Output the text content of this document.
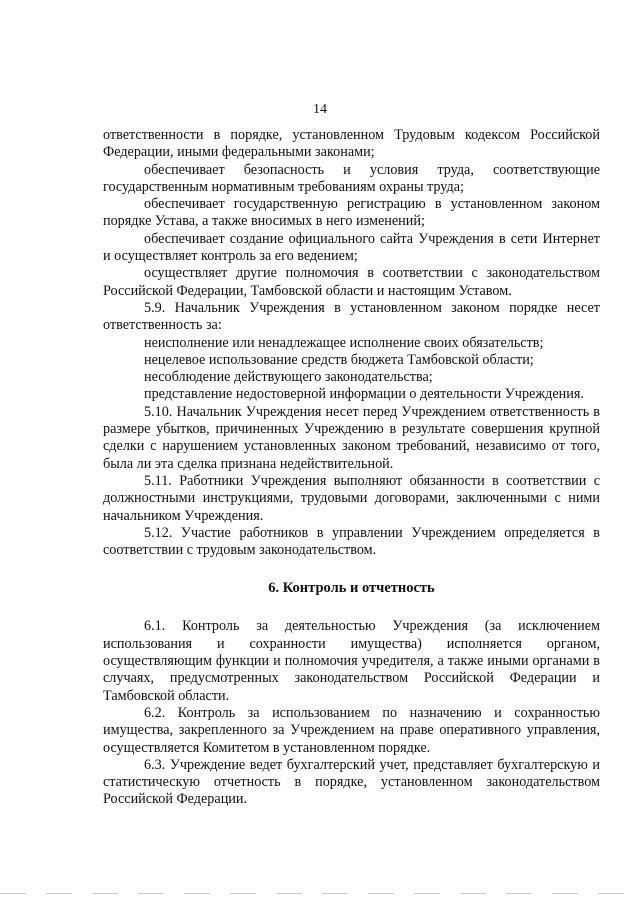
14

ответственности в порядке, установленном Трудовым кодексом Российской Федерации, иными федеральными законами;

обеспечивает безопасность и условия труда, соответствующие государственным нормативным требованиям охраны труда;

обеспечивает государственную регистрацию в установленном законом порядке Устава, а также вносимых в него изменений;

обеспечивает создание официального сайта Учреждения в сети Интернет и осуществляет контроль за его ведением;

осуществляет другие полномочия в соответствии с законодательством Российской Федерации, Тамбовской области и настоящим Уставом.

5.9. Начальник Учреждения в установленном законом порядке несет ответственность за:

неисполнение или ненадлежащее исполнение своих обязательств;

нецелевое использование средств бюджета Тамбовской области;

несоблюдение действующего законодательства;

представление недостоверной информации о деятельности Учреждения.

5.10. Начальник Учреждения несет перед Учреждением ответственность в размере убытков, причиненных Учреждению в результате совершения крупной сделки с нарушением установленных законом требований, независимо от того, была ли эта сделка признана недействительной.

5.11. Работники Учреждения выполняют обязанности в соответствии с должностными инструкциями, трудовыми договорами, заключенными с ними начальником Учреждения.

5.12. Участие работников в управлении Учреждением определяется в соответствии с трудовым законодательством.

6. Контроль и отчетность

6.1. Контроль за деятельностью Учреждения (за исключением использования и сохранности имущества) исполняется органом, осуществляющим функции и полномочия учредителя, а также иными органами в случаях, предусмотренных законодательством Российской Федерации и Тамбовской области.

6.2. Контроль за использованием по назначению и сохранностью имущества, закрепленного за Учреждением на праве оперативного управления, осуществляется Комитетом в установленном порядке.

6.3. Учреждение ведет бухгалтерский учет, представляет бухгалтерскую и статистическую отчетность в порядке, установленном законодательством Российской Федерации.
